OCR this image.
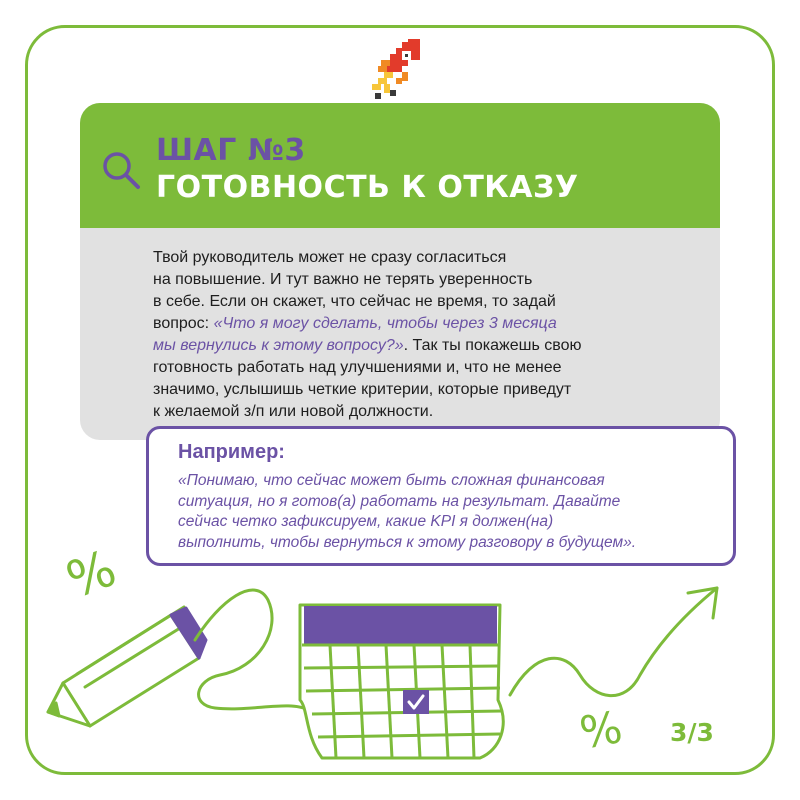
ШАГ №3

ГОТОВНОСТЬ К ОТКАЗУ

Твой руководитель может не сразу согласиться
на повышение. И тут важно не терять уверенность
в себе. Если он скажет, что сейчас не время, то задай
вопрос: «Что я могу сделать, чтобы через 3 месяца
мы вернулись к этому вопросу?». Так ты покажешь свою
готовность работать над улучшениями и, что не менее
значимо, услышишь четкие критерии, которые приведут
к желаемой з/п или новой должности.

Например:

«Понимаю, что сейчас может быть сложная финансовая
ситуация, но я готов(а) работать на результат. Давайте
сейчас четко зафиксируем, какие KPI я должен(на)
выполнить, чтобы вернуться к этому разговору в будущем».

%
% 3/3
